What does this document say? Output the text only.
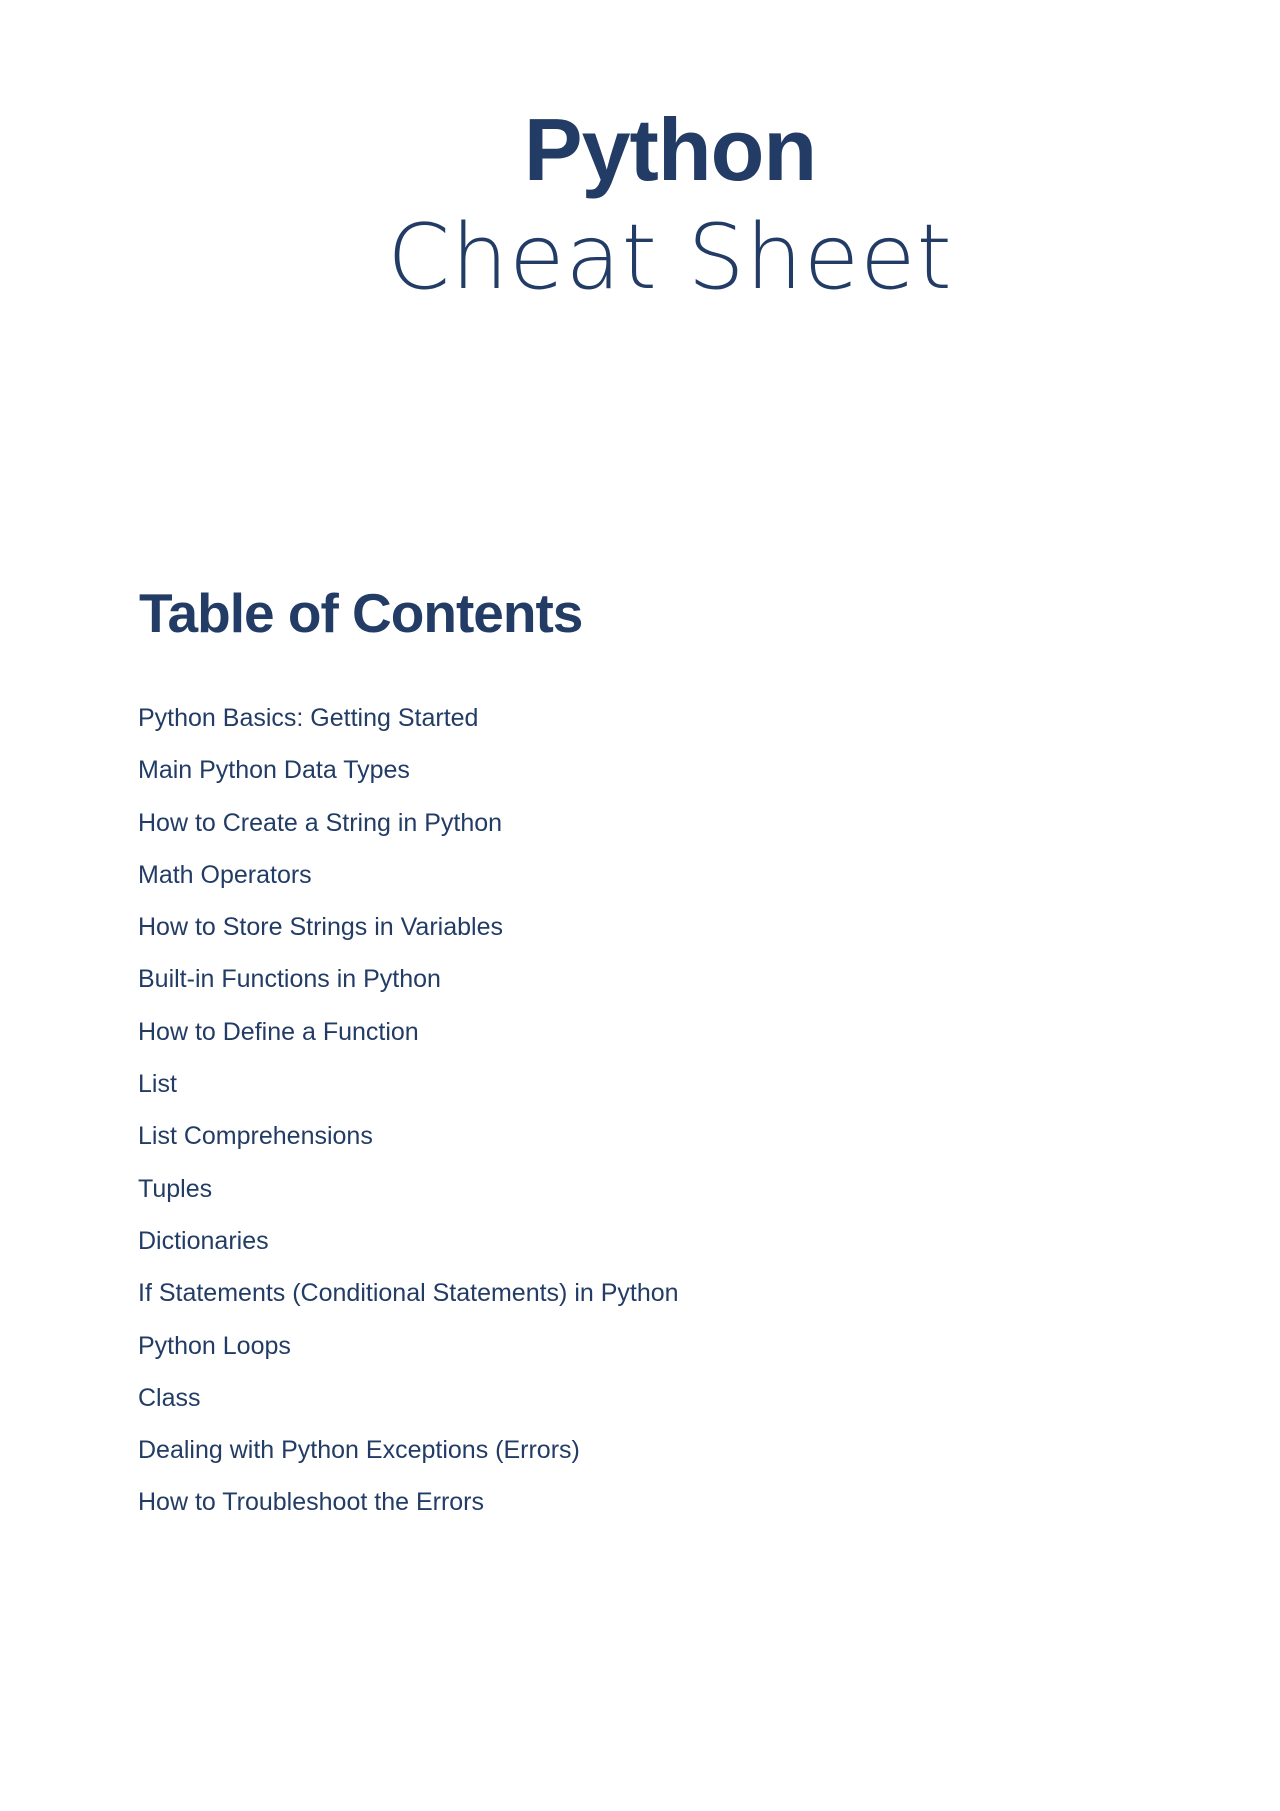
Python
Cheat Sheet
Table of Contents
Python Basics: Getting Started
Main Python Data Types
How to Create a String in Python
Math Operators
How to Store Strings in Variables
Built-in Functions in Python
How to Define a Function
List
List Comprehensions
Tuples
Dictionaries
If Statements (Conditional Statements) in Python
Python Loops
Class
Dealing with Python Exceptions (Errors)
How to Troubleshoot the Errors
